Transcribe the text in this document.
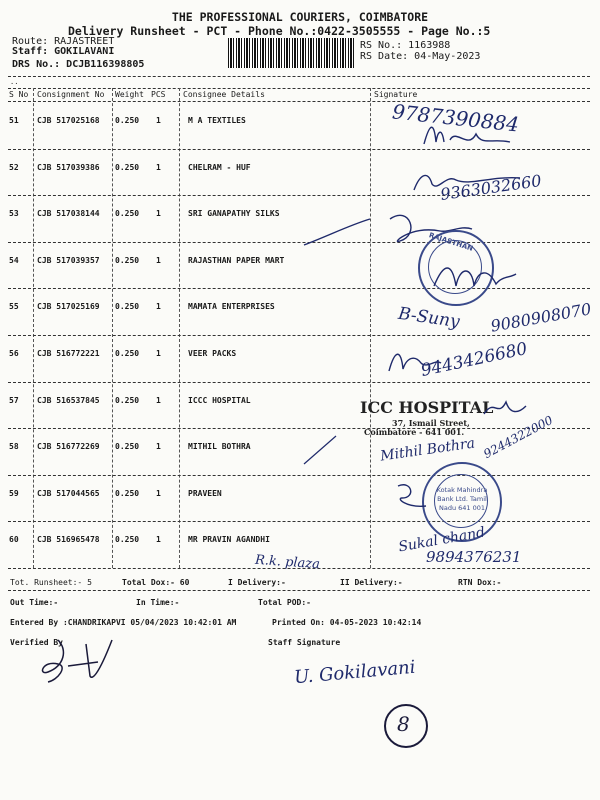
THE PROFESSIONAL COURIERS, COIMBATORE
Delivery Runsheet - PCT - Phone No.:0422-3505555 - Page No.:5
Route: RAJASTREET
Staff: GOKILAVANI
DRS No.: DCJB116398805
RS No.: 1163988
RS Date: 04-May-2023
..
S No Consignment No Weight PCS Consignee Details	Signature
51 CJB 517025168 0.250 1	M A TEXTILES
52 CJB 517039386 0.250 1	CHELRAM - HUF
53 CJB 517038144 0.250 1	SRI GANAPATHY SILKS
54 CJB 517039357 0.250 1	RAJASTHAN PAPER MART
55 CJB 517025169 0.250 1	MAMATA ENTERPRISES
56 CJB 516772221 0.250 1	VEER PACKS
57 CJB 516537845 0.250 1	ICCC HOSPITAL
58 CJB 516772269 0.250 1	MITHIL BOTHRA
59 CJB 517044565 0.250 1	PRAVEEN
60 CJB 516965478 0.250 1	MR PRAVIN AGANDHI
9787390884
9363032660
RAJASTHAN
B-Suny 9080908070
9443426680
ICC HOSPITAL
37, Ismail Street,
Coimbatore - 641 001.
Mithil Bothra 9244322000
Kotak Mahindra Bank Ltd. Tamil Nadu 641 001
Sukal chand
9894376231
R.k. plaza
Tot. Runsheet:- 5	Total Dox:- 60	I Delivery:-	II Delivery:-	RTN Dox:-
Out Time:-	In Time:-	Total POD:-
Entered By :CHANDRIKAPVI 05/04/2023 10:42:01 AM	Printed On: 04-05-2023 10:42:14
Verified By	Staff Signature
U. Gokilavani
8
